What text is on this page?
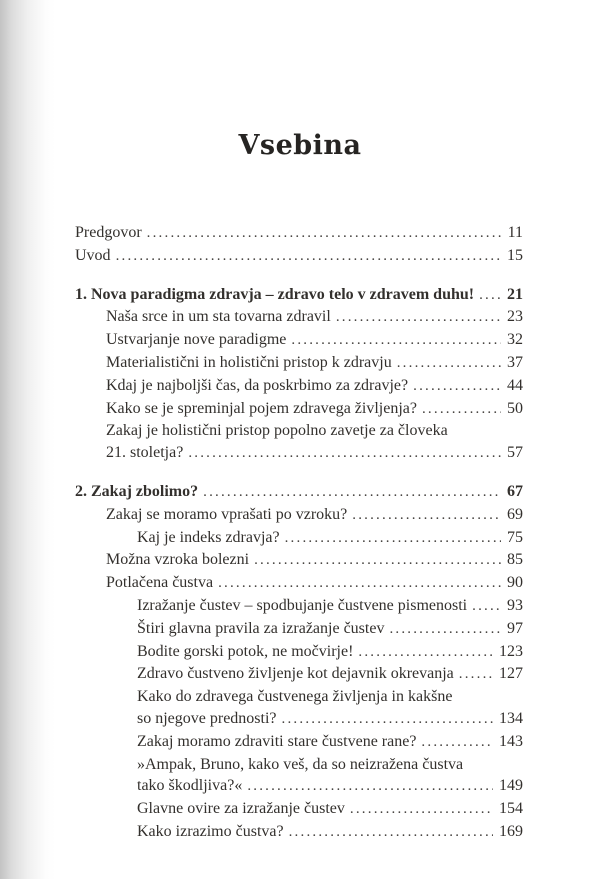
Vsebina
Predgovor .....	11
Uvod .....	15
1. Nova paradigma zdravja – zdravo telo v zdravem duhu! ..... 21
Naša srce in um sta tovarna zdravil .....	23
Ustvarjanje nove paradigme .....	32
Materialistični in holistični pristop k zdravju .....	37
Kdaj je najboljši čas, da poskrbimo za zdravje? .....	44
Kako se je spreminjal pojem zdravega življenja? .....	50
Zakaj je holistični pristop popolno zavetje za človeka
21. stoletja? .....	57
2. Zakaj zbolimo? .....	67
Zakaj se moramo vprašati po vzroku? .....	69
Kaj je indeks zdravja? .....	75
Možna vzroka bolezni .....	85
Potlačena čustva .....	90
Izražanje čustev – spodbujanje čustvene pismenosti ..... 93
Štiri glavna pravila za izražanje čustev .....	97
Bodite gorski potok, ne močvirje! .....	123
Zdravo čustveno življenje kot dejavnik okrevanja .....	127
Kako do zdravega čustvenega življenja in kakšne
so njegove prednosti? .....	134
Zakaj moramo zdraviti stare čustvene rane? .....	143
»Ampak, Bruno, kako veš, da so neizražena čustva
tako škodljiva?« .....	149
Glavne ovire za izražanje čustev .....	154
Kako izrazimo čustva? .....	169
